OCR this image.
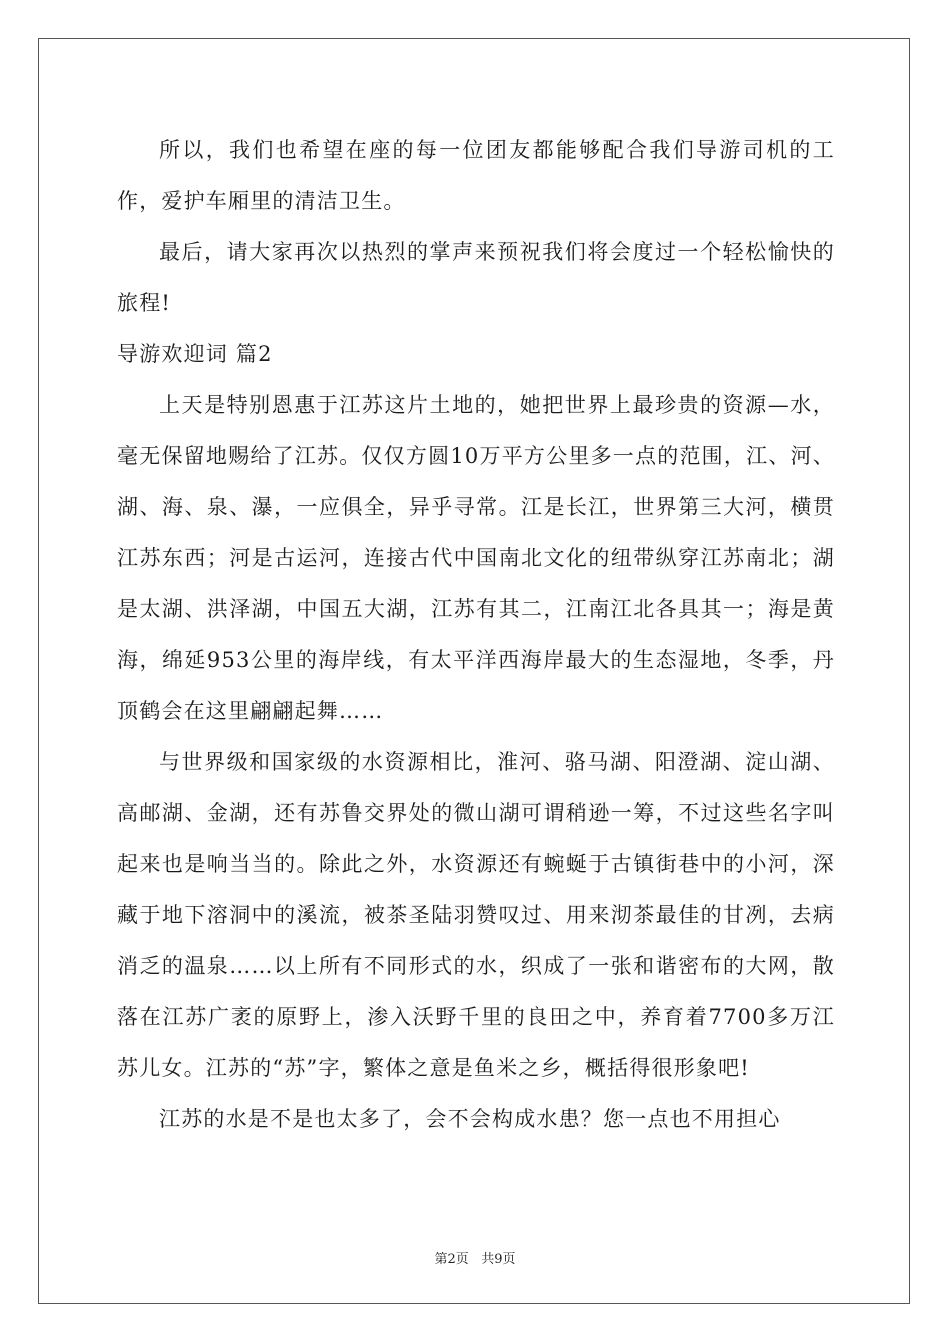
所以，我们也希望在座的每一位团友都能够配合我们导游司机的工作，爱护车厢里的清洁卫生。

最后，请大家再次以热烈的掌声来预祝我们将会度过一个轻松愉快的旅程!

导游欢迎词 篇2

上天是特别恩惠于江苏这片土地的，她把世界上最珍贵的资源—水，毫无保留地赐给了江苏。仅仅方圆10万平方公里多一点的范围，江、河、湖、海、泉、瀑，一应俱全，异乎寻常。江是长江，世界第三大河，横贯江苏东西；河是古运河，连接古代中国南北文化的纽带纵穿江苏南北；湖是太湖、洪泽湖，中国五大湖，江苏有其二，江南江北各具其一；海是黄海，绵延953公里的海岸线，有太平洋西海岸最大的生态湿地，冬季，丹顶鹤会在这里翩翩起舞……

与世界级和国家级的水资源相比，淮河、骆马湖、阳澄湖、淀山湖、高邮湖、金湖，还有苏鲁交界处的微山湖可谓稍逊一筹，不过这些名字叫起来也是响当当的。除此之外，水资源还有蜿蜒于古镇街巷中的小河，深藏于地下溶洞中的溪流，被茶圣陆羽赞叹过、用来沏茶最佳的甘冽，去病消乏的温泉……以上所有不同形式的水，织成了一张和谐密布的大网，散落在江苏广袤的原野上，渗入沃野千里的良田之中，养育着7700多万江苏儿女。江苏的“苏”字，繁体之意是鱼米之乡，概括得很形象吧!

江苏的水是不是也太多了，会不会构成水患？您一点也不用担心

第2页 共9页
